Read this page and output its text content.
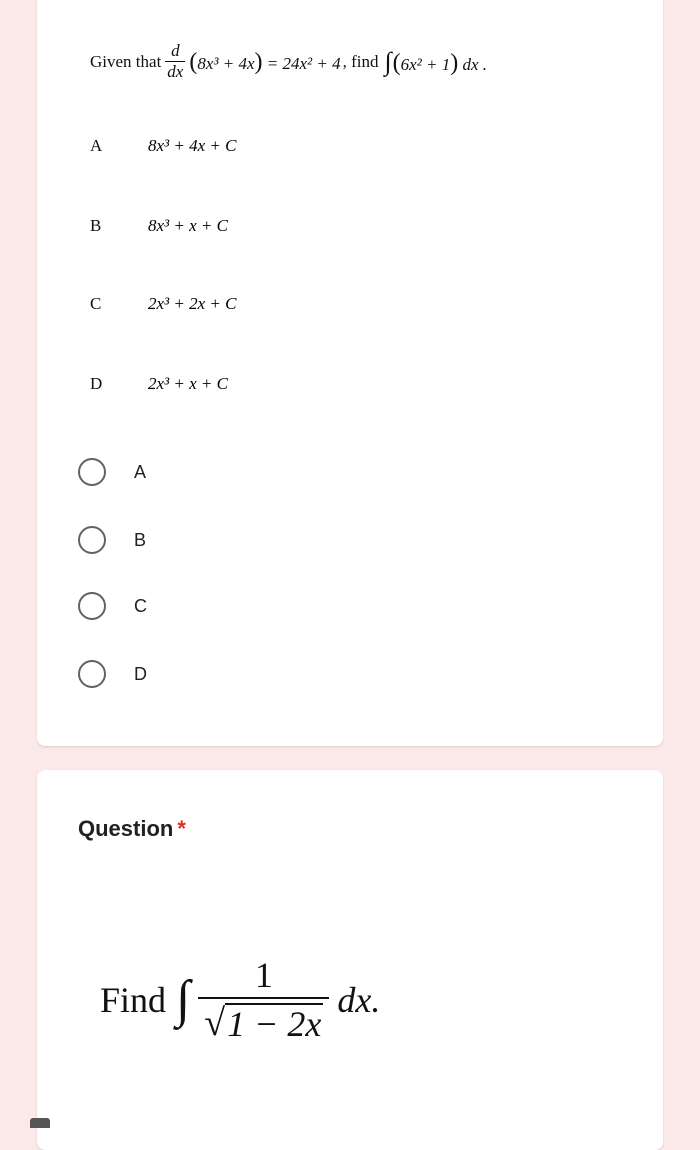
Given that $\frac{d}{dx} (8x^3 + 4x) = 24x^2 + 4$ , find ∫(6x² + 1) dx .
A	8x³ + 4x + C
B	8x³ + x + C
C	2x³ + 2x + C
D	2x³ + x + C
A
B
C
D
Question *
Find ∫ $\frac{1}{√ 1 - 2x}$ dx.
